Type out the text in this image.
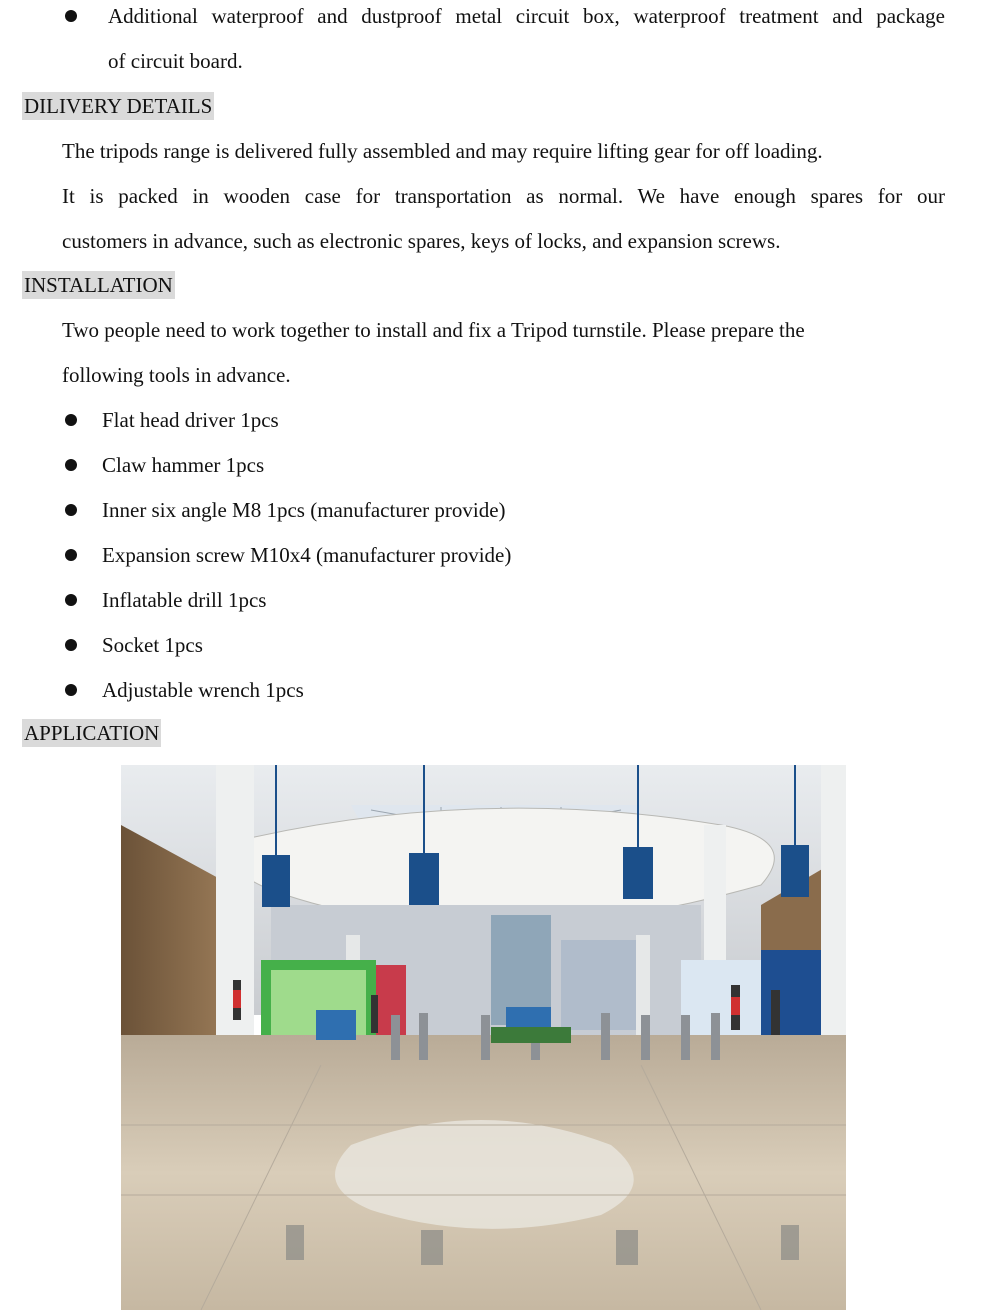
Additional waterproof and dustproof metal circuit box, waterproof treatment and package
of circuit board.
DILIVERY DETAILS
The tripods range is delivered fully assembled and may require lifting gear for off loading.
It is packed in wooden case for transportation as normal. We have enough spares for our
customers in advance, such as electronic spares, keys of locks, and expansion screws.
INSTALLATION
Two people need to work together to install and fix a Tripod turnstile. Please prepare the
following tools in advance.
Flat head driver 1pcs
Claw hammer 1pcs
Inner six angle M8 1pcs (manufacturer provide)
Expansion screw M10x4 (manufacturer provide)
Inflatable drill 1pcs
Socket 1pcs
Adjustable wrench 1pcs
APPLICATION
